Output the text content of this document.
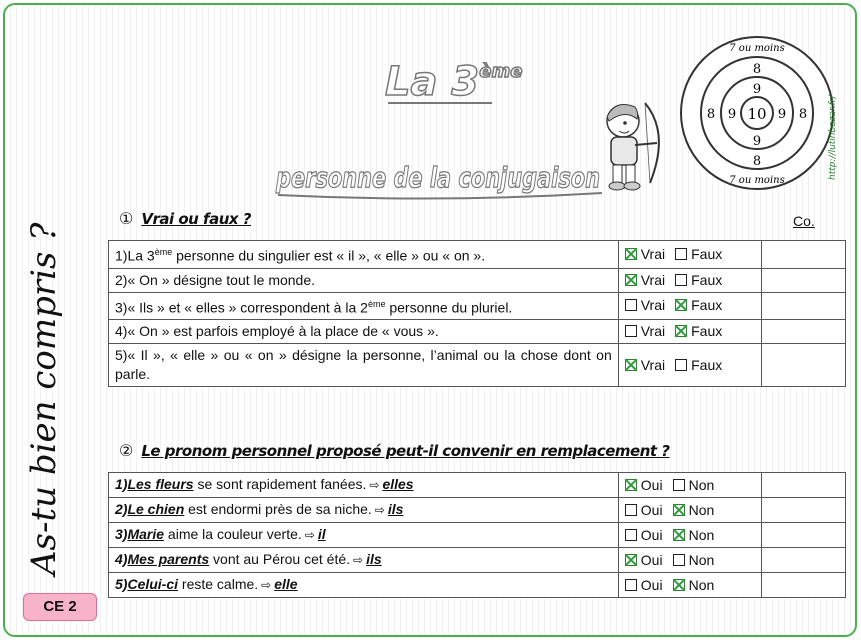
As-tu bien compris ?
CE 2
La 3ème
personne de la conjugaison
10
9
9
9	9
8
8
8	8
7 ou moins
7 ou moins
http://lutinbazar.fr/
① Vrai ou faux ?	Co.
1)La 3ème personne du singulier est « il », « elle » ou « on ».	Vrai Faux	

2)« On » désigne tout le monde.	Vrai Faux	

3)« Ils » et « elles » correspondent à la 2ème personne du pluriel.	Vrai Faux	

4)« On » est parfois employé à la place de « vous ».	Vrai Faux	

5)« Il », « elle » ou « on » désigne la personne, l’animal ou la chose dont on parle.	Vrai Faux	

② Le pronom personnel proposé peut-il convenir en remplacement ?
1)Les fleurs se sont rapidement fanées. ⇨ elles	Oui Non	

2)Le chien est endormi près de sa niche. ⇨ ils	Oui Non	

3)Marie aime la couleur verte. ⇨ il	Oui Non	

4)Mes parents vont au Pérou cet été. ⇨ ils	Oui Non	

5)Celui-ci reste calme. ⇨ elle	Oui Non	
